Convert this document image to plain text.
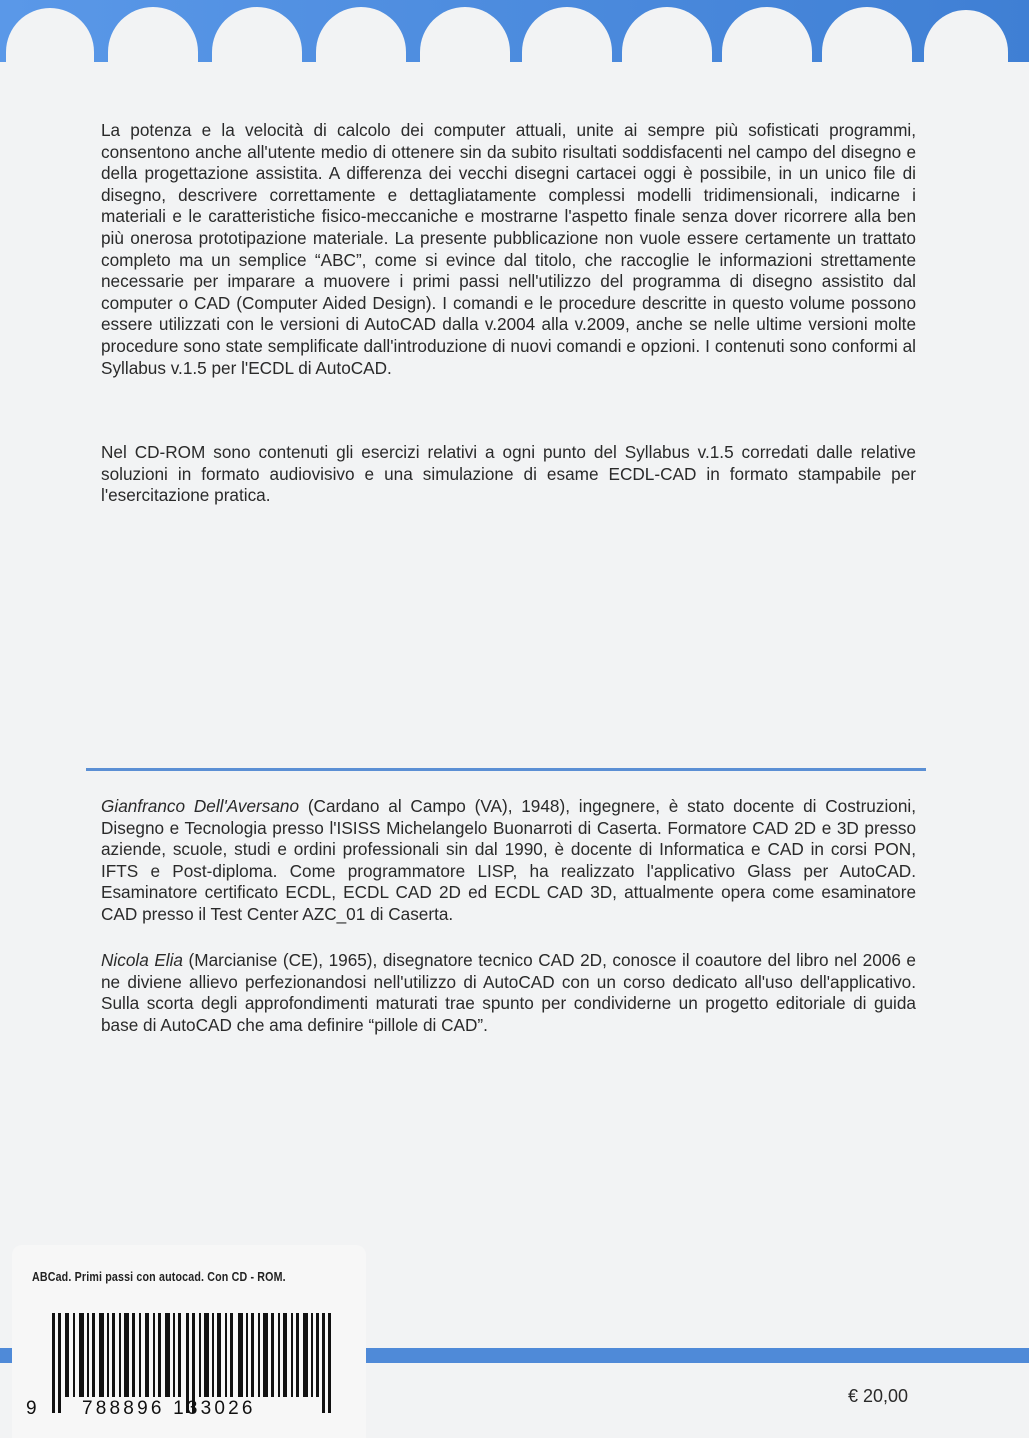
La potenza e la velocità di calcolo dei computer attuali, unite ai sempre più sofisticati programmi, consentono anche all'utente medio di ottenere sin da subito risultati soddisfacenti nel campo del disegno e della progettazione assistita. A differenza dei vecchi disegni cartacei oggi è possibile, in un unico file di disegno, descrivere correttamente e dettagliatamente complessi modelli tridimensionali, indicarne i materiali e le caratteristiche fisico-meccaniche e mostrarne l'aspetto finale senza dover ricorrere alla ben più onerosa prototipazione materiale. La presente pubblicazione non vuole essere certamente un trattato completo ma un semplice “ABC”, come si evince dal titolo, che raccoglie le informazioni strettamente necessarie per imparare a muovere i primi passi nell'utilizzo del programma di disegno assistito dal computer o CAD (Computer Aided Design). I comandi e le procedure descritte in questo volume possono essere utilizzati con le versioni di AutoCAD dalla v.2004 alla v.2009, anche se nelle ultime versioni molte procedure sono state semplificate dall'introduzione di nuovi comandi e opzioni. I contenuti sono conformi al Syllabus v.1.5 per l'ECDL di AutoCAD.

Nel CD-ROM sono contenuti gli esercizi relativi a ogni punto del Syllabus v.1.5 corredati dalle relative soluzioni in formato audiovisivo e una simulazione di esame ECDL-CAD in formato stampabile per l'esercitazione pratica.

Gianfranco Dell'Aversano (Cardano al Campo (VA), 1948), ingegnere, è stato docente di Costruzioni, Disegno e Tecnologia presso l'ISISS Michelangelo Buonarroti di Caserta. Formatore CAD 2D e 3D presso aziende, scuole, studi e ordini professionali sin dal 1990, è docente di Informatica e CAD in corsi PON, IFTS e Post-diploma. Come programmatore LISP, ha realizzato l'applicativo Glass per AutoCAD. Esaminatore certificato ECDL, ECDL CAD 2D ed ECDL CAD 3D, attualmente opera come esaminatore CAD presso il Test Center AZC_01 di Caserta.

Nicola Elia (Marcianise (CE), 1965), disegnatore tecnico CAD 2D, conosce il coautore del libro nel 2006 e ne diviene allievo perfezionandosi nell'utilizzo di AutoCAD con un corso dedicato all'uso dell'applicativo. Sulla scorta degli approfondimenti maturati trae spunto per condividerne un progetto editoriale di guida base di AutoCAD che ama definire “pillole di CAD”.

ABCad. Primi passi con autocad. Con CD - ROM.
9 788896 133026
€ 20,00
